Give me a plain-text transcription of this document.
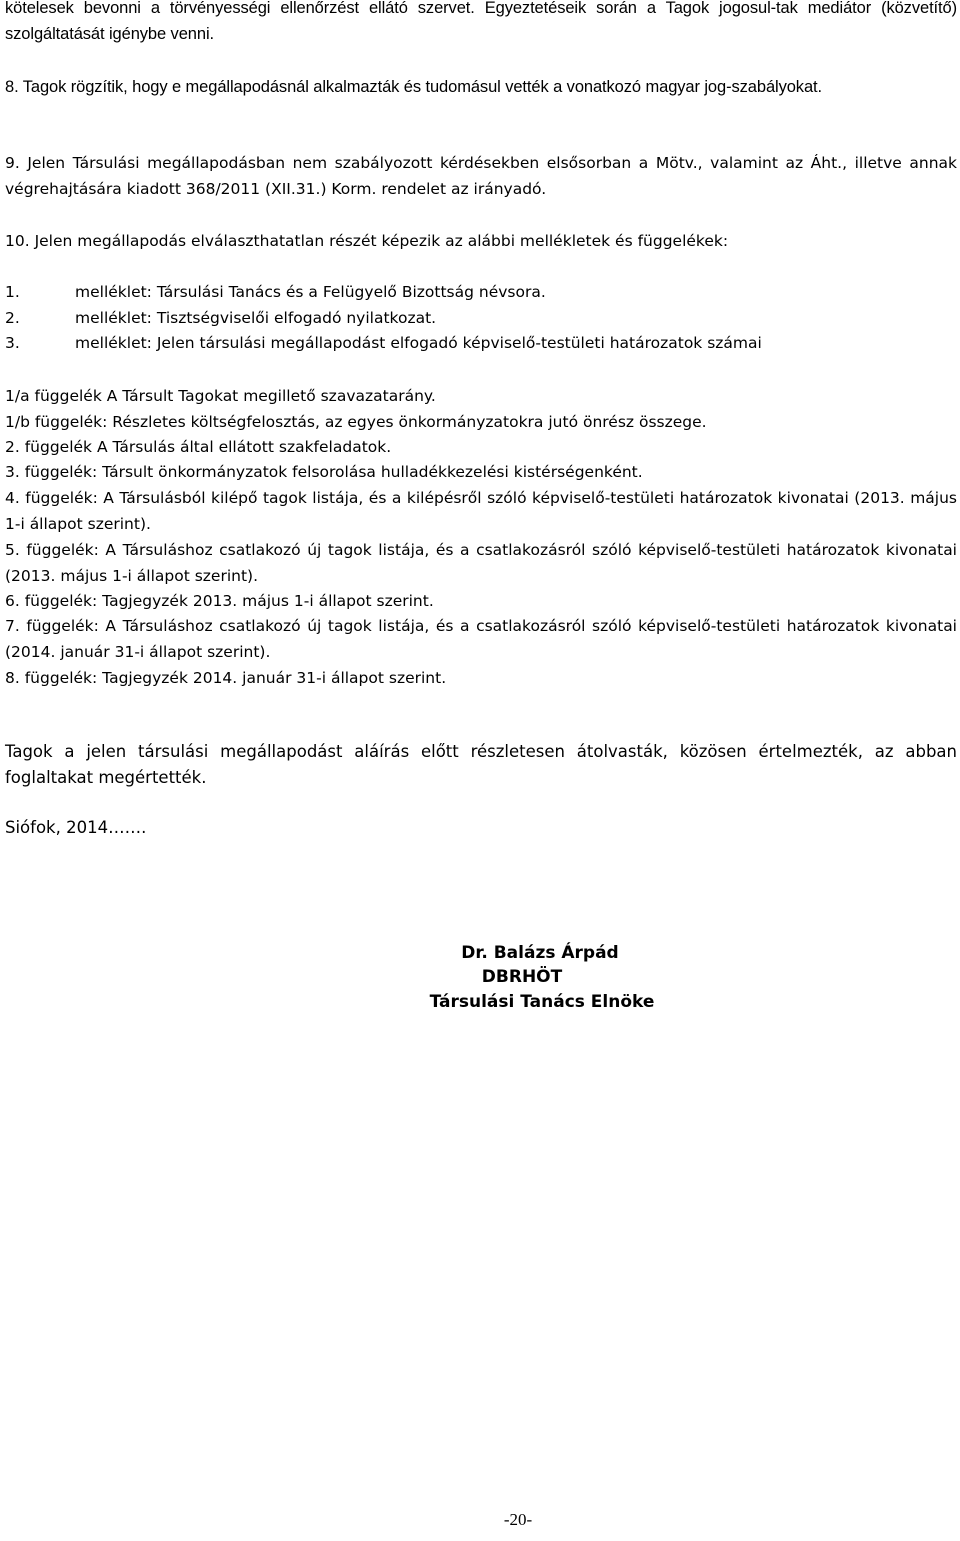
kötelesek bevonni a törvényességi ellenőrzést ellátó szervet. Egyeztetéseik során a Tagok jogosul-tak mediátor (közvetítő) szolgáltatását igénybe venni.

8. Tagok rögzítik, hogy e megállapodásnál alkalmazták és tudomásul vették a vonatkozó magyar jog-szabályokat.

9. Jelen Társulási megállapodásban nem szabályozott kérdésekben elsősorban a Mötv., valamint az Áht., illetve annak végrehajtására kiadott 368/2011 (XII.31.) Korm. rendelet az irányadó.

10. Jelen megállapodás elválaszthatatlan részét képezik az alábbi mellékletek és függelékek:

1.	melléklet: Társulási Tanács és a Felügyelő Bizottság névsora.
2.	melléklet: Tisztségviselői elfogadó nyilatkozat.
3.	melléklet: Jelen társulási megállapodást elfogadó képviselő-testületi határozatok számai

1/a függelék A Társult Tagokat megillető szavazatarány.

1/b függelék: Részletes költségfelosztás, az egyes önkormányzatokra jutó önrész összege.

2. függelék A Társulás által ellátott szakfeladatok.

3. függelék: Társult önkormányzatok felsorolása hulladékkezelési kistérségenként.

4. függelék: A Társulásból kilépő tagok listája, és a kilépésről szóló képviselő-testületi határozatok kivonatai (2013. május 1-i állapot szerint).

5. függelék: A Társuláshoz csatlakozó új tagok listája, és a csatlakozásról szóló képviselő-testületi határozatok kivonatai (2013. május 1-i állapot szerint).

6. függelék: Tagjegyzék 2013. május 1-i állapot szerint.

7. függelék: A Társuláshoz csatlakozó új tagok listája, és a csatlakozásról szóló képviselő-testületi határozatok kivonatai (2014. január 31-i állapot szerint).

8. függelék: Tagjegyzék 2014. január 31-i állapot szerint.

Tagok a jelen társulási megállapodást aláírás előtt részletesen átolvasták, közösen értelmezték, az abban foglaltakat megértették.

Siófok, 2014…….

Dr. Balázs Árpád
DBRHÖT
Társulási Tanács Elnöke
-20-
